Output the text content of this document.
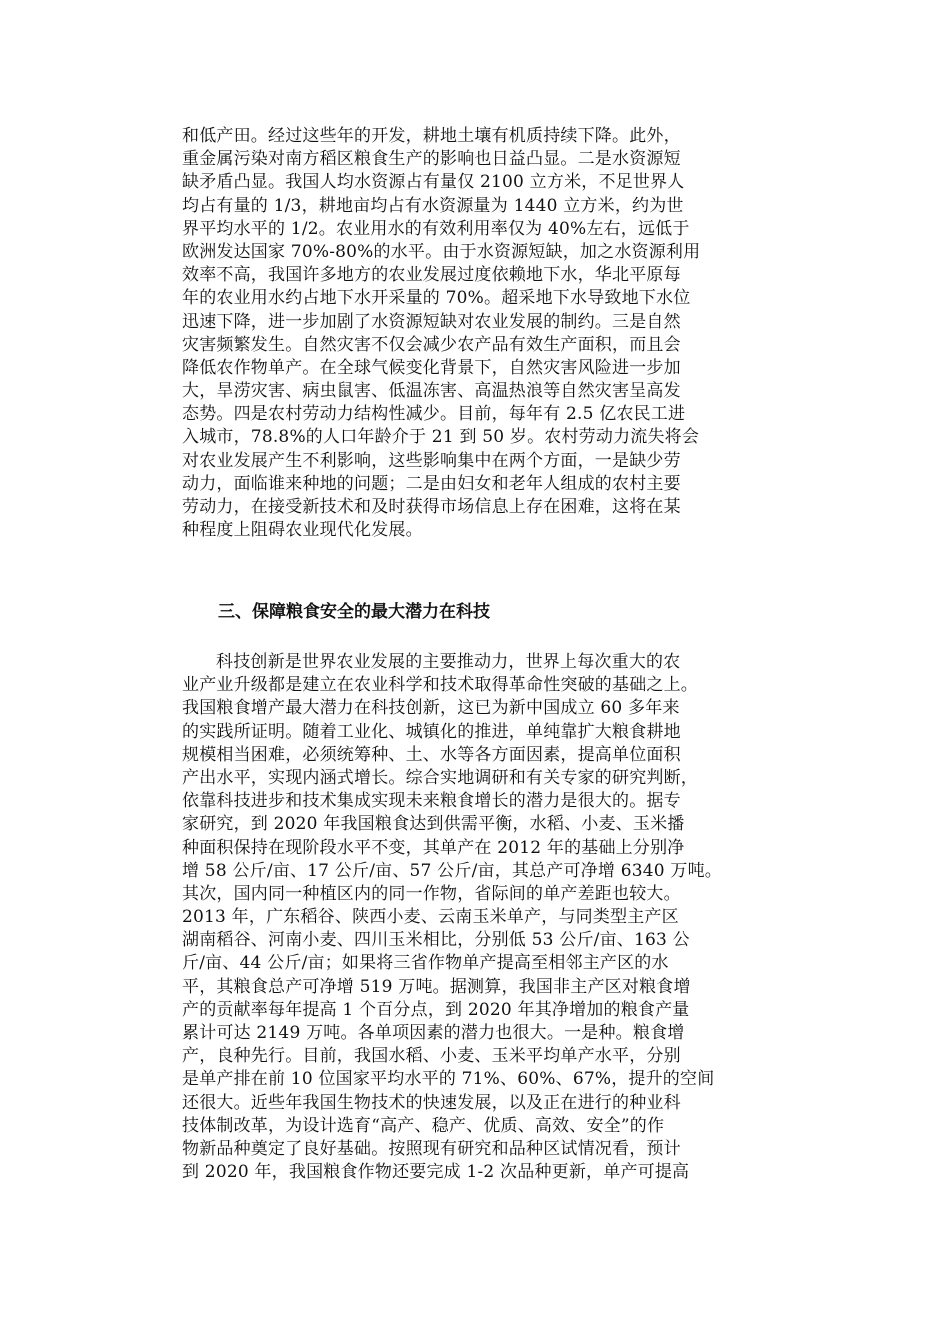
和低产田。经过这些年的开发，耕地土壤有机质持续下降。此外，
重金属污染对南方稻区粮食生产的影响也日益凸显。二是水资源短
缺矛盾凸显。我国人均水资源占有量仅 2100 立方米，不足世界人
均占有量的 1/3，耕地亩均占有水资源量为 1440 立方米，约为世
界平均水平的 1/2。农业用水的有效利用率仅为 40%左右，远低于
欧洲发达国家 70%-80%的水平。由于水资源短缺，加之水资源利用
效率不高，我国许多地方的农业发展过度依赖地下水，华北平原每
年的农业用水约占地下水开采量的 70%。超采地下水导致地下水位
迅速下降，进一步加剧了水资源短缺对农业发展的制约。三是自然
灾害频繁发生。自然灾害不仅会减少农产品有效生产面积，而且会
降低农作物单产。在全球气候变化背景下，自然灾害风险进一步加
大，旱涝灾害、病虫鼠害、低温冻害、高温热浪等自然灾害呈高发
态势。四是农村劳动力结构性减少。目前，每年有 2.5 亿农民工进
入城市，78.8%的人口年龄介于 21 到 50 岁。农村劳动力流失将会
对农业发展产生不利影响，这些影响集中在两个方面，一是缺少劳
动力，面临谁来种地的问题；二是由妇女和老年人组成的农村主要
劳动力，在接受新技术和及时获得市场信息上存在困难，这将在某
种程度上阻碍农业现代化发展。
三、保障粮食安全的最大潜力在科技
科技创新是世界农业发展的主要推动力，世界上每次重大的农
业产业升级都是建立在农业科学和技术取得革命性突破的基础之上。
我国粮食增产最大潜力在科技创新，这已为新中国成立 60 多年来
的实践所证明。随着工业化、城镇化的推进，单纯靠扩大粮食耕地
规模相当困难，必须统筹种、土、水等各方面因素，提高单位面积
产出水平，实现内涵式增长。综合实地调研和有关专家的研究判断，
依靠科技进步和技术集成实现未来粮食增长的潜力是很大的。据专
家研究，到 2020 年我国粮食达到供需平衡，水稻、小麦、玉米播
种面积保持在现阶段水平不变，其单产在 2012 年的基础上分别净
增 58 公斤/亩、17 公斤/亩、57 公斤/亩，其总产可净增 6340 万吨。
其次，国内同一种植区内的同一作物，省际间的单产差距也较大。
2013 年，广东稻谷、陕西小麦、云南玉米单产，与同类型主产区
湖南稻谷、河南小麦、四川玉米相比，分别低 53 公斤/亩、163 公
斤/亩、44 公斤/亩；如果将三省作物单产提高至相邻主产区的水
平，其粮食总产可净增 519 万吨。据测算，我国非主产区对粮食增
产的贡献率每年提高 1 个百分点，到 2020 年其净增加的粮食产量
累计可达 2149 万吨。各单项因素的潜力也很大。一是种。粮食增
产，良种先行。目前，我国水稻、小麦、玉米平均单产水平，分别
是单产排在前 10 位国家平均水平的 71%、60%、67%，提升的空间
还很大。近些年我国生物技术的快速发展，以及正在进行的种业科
技体制改革，为设计选育“高产、稳产、优质、高效、安全”的作
物新品种奠定了良好基础。按照现有研究和品种区试情况看，预计
到 2020 年，我国粮食作物还要完成 1-2 次品种更新，单产可提高
